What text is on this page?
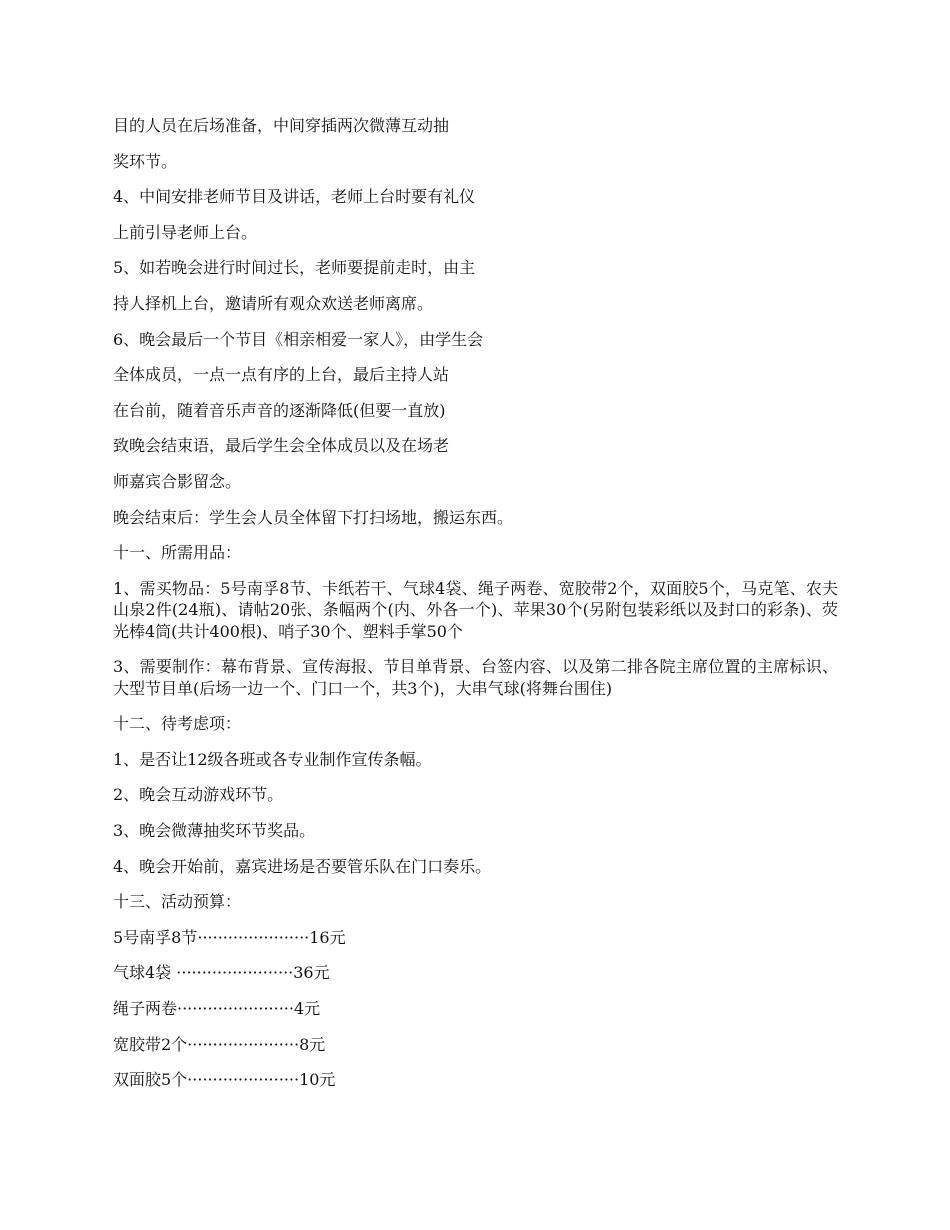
目的人员在后场准备，中间穿插两次微薄互动抽
奖环节。
4、中间安排老师节目及讲话，老师上台时要有礼仪
上前引导老师上台。
5、如若晚会进行时间过长，老师要提前走时，由主
持人择机上台，邀请所有观众欢送老师离席。
6、晚会最后一个节目《相亲相爱一家人》，由学生会
全体成员，一点一点有序的上台，最后主持人站
在台前，随着音乐声音的逐渐降低(但要一直放)
致晚会结束语，最后学生会全体成员以及在场老
师嘉宾合影留念。
晚会结束后：学生会人员全体留下打扫场地，搬运东西。
十一、所需用品：
1、需买物品：5号南孚8节、卡纸若干、气球4袋、绳子两卷、宽胶带2个，双面胶5个，马克笔、农夫山泉2件(24瓶)、请帖20张、条幅两个(内、外各一个)、苹果30个(另附包装彩纸以及封口的彩条)、荧光棒4筒(共计400根)、哨子30个、塑料手掌50个
3、需要制作：幕布背景、宣传海报、节目单背景、台签内容、以及第二排各院主席位置的主席标识、大型节目单(后场一边一个、门口一个，共3个)，大串气球(将舞台围住)
十二、待考虑项：
1、是否让12级各班或各专业制作宣传条幅。
2、晚会互动游戏环节。
3、晚会微薄抽奖环节奖品。
4、晚会开始前，嘉宾进场是否要管乐队在门口奏乐。
十三、活动预算：
5号南孚8节······················16元
气球4袋 ·······················36元
绳子两卷·······················4元
宽胶带2个······················8元
双面胶5个······················10元
